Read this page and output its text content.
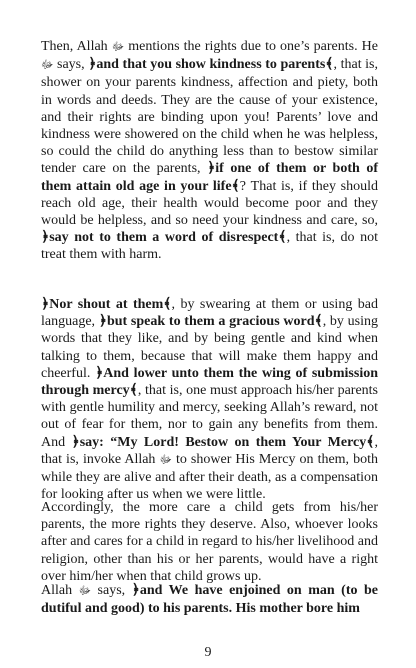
Then, Allah ﷻ mentions the rights due to one’s parents. He ﷻ says, ﴿and that you show kindness to parents﴾, that is, shower on your parents kindness, affection and piety, both in words and deeds. They are the cause of your existence, and their rights are binding upon you! Parents’ love and kindness were showered on the child when he was helpless, so could the child do anything less than to bestow similar tender care on the parents, ﴿if one of them or both of them attain old age in your life﴾? That is, if they should reach old age, their health would become poor and they would be helpless, and so need your kindness and care, so, ﴿say not to them a word of disrespect﴾, that is, do not treat them with harm.

﴿Nor shout at them﴾, by swearing at them or using bad language, ﴿but speak to them a gracious word﴾, by using words that they like, and by being gentle and kind when talking to them, because that will make them happy and cheerful. ﴿And lower unto them the wing of submission through mercy﴾, that is, one must approach his/her parents with gentle humility and mercy, seeking Allah’s reward, not out of fear for them, nor to gain any benefits from them. And ﴿say: “My Lord! Bestow on them Your Mercy﴾, that is, invoke Allah ﷻ to shower His Mercy on them, both while they are alive and after their death, as a compensation for looking after us when we were little.

Accordingly, the more care a child gets from his/her parents, the more rights they deserve. Also, whoever looks after and cares for a child in regard to his/her livelihood and religion, other than his or her parents, would have a right over him/her when that child grows up.

Allah ﷻ says, ﴿and We have enjoined on man (to be dutiful and good) to his parents. His mother bore him

9
